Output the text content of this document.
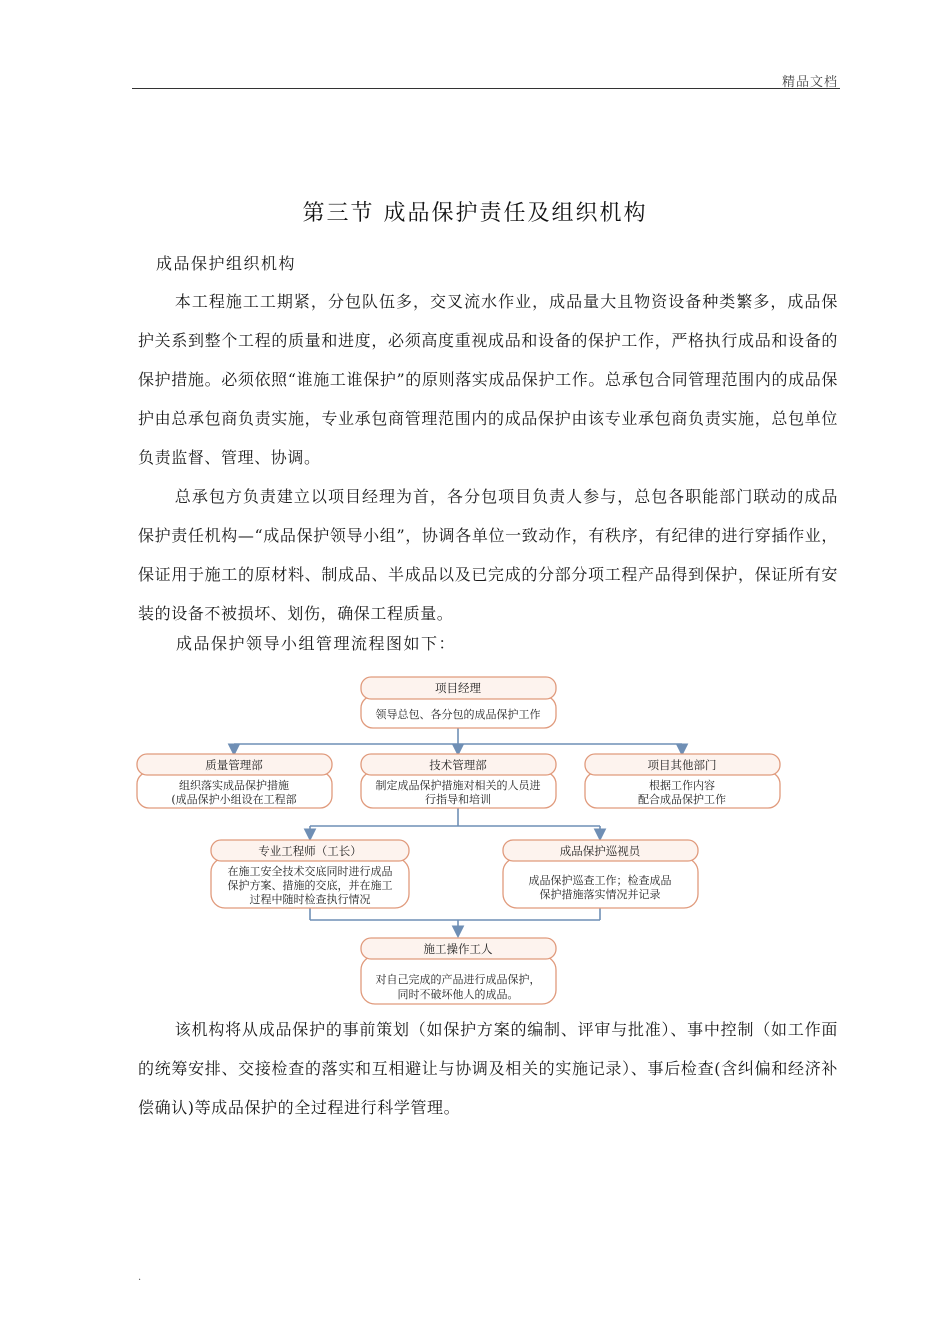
精品文档
第三节 成品保护责任及组织机构
成品保护组织机构

本工程施工工期紧，分包队伍多，交叉流水作业，成品量大且物资设备种类繁多，成品保护关系到整个工程的质量和进度，必须高度重视成品和设备的保护工作，严格执行成品和设备的保护措施。必须依照“谁施工谁保护”的原则落实成品保护工作。总承包合同管理范围内的成品保护由总承包商负责实施，专业承包商管理范围内的成品保护由该专业承包商负责实施，总包单位负责监督、管理、协调。

总承包方负责建立以项目经理为首，各分包项目负责人参与，总包各职能部门联动的成品保护责任机构—“成品保护领导小组”，协调各单位一致动作，有秩序，有纪律的进行穿插作业，保证用于施工的原材料、制成品、半成品以及已完成的分部分项工程产品得到保护，保证所有安装的设备不被损坏、划伤，确保工程质量。

成品保护领导小组管理流程图如下：

项目经理
领导总包、各分包的成品保护工作
质量管理部
组织落实成品保护措施
(成品保护小组设在工程部
技术管理部
制定成品保护措施对相关的人员进
行指导和培训
项目其他部门
根据工作内容
配合成品保护工作
专业工程师（工长）
在施工安全技术交底同时进行成品
保护方案、措施的交底，并在施工
过程中随时检查执行情况
成品保护巡视员
成品保护巡查工作；检查成品
保护措施落实情况并记录
施工操作工人
对自己完成的产品进行成品保护，
同时不破坏他人的成品。

该机构将从成品保护的事前策划（如保护方案的编制、评审与批准）、事中控制（如工作面的统筹安排、交接检查的落实和互相避让与协调及相关的实施记录）、事后检查(含纠偏和经济补偿确认)等成品保护的全过程进行科学管理。

.
